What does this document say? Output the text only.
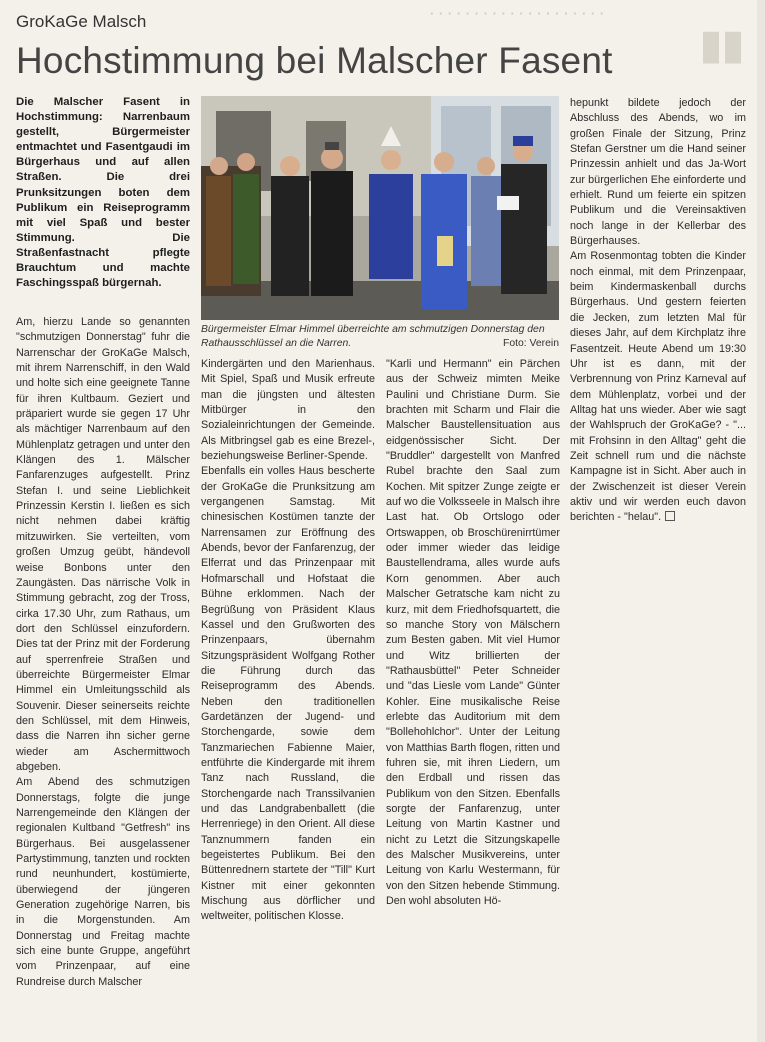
· · · · · · · · · · · · · · · · · · · ·
▮▮
GroKaGe Malsch
Hochstimmung bei Malscher Fasent

Die Malscher Fasent in Hochstimmung: Narrenbaum gestellt, Bürgermeister entmachtet und Fasentgaudi im Bürgerhaus und auf allen Straßen. Die drei Prunksitzungen boten dem Publikum ein Reiseprogramm mit viel Spaß und bester Stimmung. Die Straßenfastnacht pflegte Brauchtum und machte Faschingsspaß bürgernah.

Bürgermeister Elmar Himmel überreichte am schmutzigen Donnerstag den Rathausschlüssel an die Narren.	Foto: Verein

Am, hierzu Lande so genannten "schmutzigen Donnerstag" fuhr die Narrenschar der GroKaGe Malsch, mit ihrem Narrenschiff, in den Wald und holte sich eine geeignete Tanne für ihren Kultbaum. Geziert und präpariert wurde sie gegen 17 Uhr als mächtiger Narrenbaum auf den Mühlenplatz getragen und unter den Klängen des 1. Mälscher Fanfarenzuges aufgestellt. Prinz Stefan I. und seine Lieblichkeit Prinzessin Kerstin I. ließen es sich nicht nehmen dabei kräftig mitzuwirken. Sie verteilten, vom großen Umzug geübt, händevoll weise Bonbons unter den Zaungästen. Das närrische Volk in Stimmung gebracht, zog der Tross, cirka 17.30 Uhr, zum Rathaus, um dort den Schlüssel einzufordern. Dies tat der Prinz mit der Forderung auf sperrenfreie Straßen und überreichte Bürgermeister Elmar Himmel ein Umleitungsschild als Souvenir. Dieser seinerseits reichte den Schlüssel, mit dem Hinweis, dass die Narren ihn sicher gerne wieder am Aschermittwoch abgeben.

Am Abend des schmutzigen Donnerstags, folgte die junge Narrengemeinde den Klängen der regionalen Kultband "Getfresh" ins Bürgerhaus. Bei ausgelassener Partystimmung, tanzten und rockten rund neunhundert, kostümierte, überwiegend der jüngeren Generation zugehörige Narren, bis in die Morgenstunden. Am Donnerstag und Freitag machte sich eine bunte Gruppe, angeführt vom Prinzenpaar, auf eine Rundreise durch Malscher

Kindergärten und den Marienhaus. Mit Spiel, Spaß und Musik erfreute man die jüngsten und ältesten Mitbürger in den Sozialeinrichtungen der Gemeinde. Als Mitbringsel gab es eine Brezel-, beziehungsweise Berliner-Spende.

Ebenfalls ein volles Haus bescherte der GroKaGe die Prunksitzung am vergangenen Samstag. Mit chinesischen Kostümen tanzte der Narrensamen zur Eröffnung des Abends, bevor der Fanfarenzug, der Elferrat und das Prinzenpaar mit Hofmarschall und Hofstaat die Bühne erklommen. Nach der Begrüßung von Präsident Klaus Kassel und den Grußworten des Prinzenpaars, übernahm Sitzungspräsident Wolfgang Rother die Führung durch das Reiseprogramm des Abends. Neben den traditionellen Gardetänzen der Jugend- und Storchengarde, sowie dem Tanzmariechen Fabienne Maier, entführte die Kindergarde mit ihrem Tanz nach Russland, die Storchengarde nach Transsilvanien und das Landgrabenballett (die Herrenriege) in den Orient. All diese Tanznummern fanden ein begeistertes Publikum. Bei den Büttenrednern startete der "Till" Kurt Kistner mit einer gekonnten Mischung aus dörflicher und weltweiter, politischen Klosse.

"Karli und Hermann" ein Pärchen aus der Schweiz mimten Meike Paulini und Christiane Durm. Sie brachten mit Scharm und Flair die Malscher Baustellensituation aus eidgenössischer Sicht. Der "Bruddler" dargestellt von Manfred Rubel brachte den Saal zum Kochen. Mit spitzer Zunge zeigte er auf wo die Volksseele in Malsch ihre Last hat. Ob Ortslogo oder Ortswappen, ob Broschürenirrtümer oder immer wieder das leidige Baustellendrama, alles wurde aufs Korn genommen. Aber auch Malscher Getratsche kam nicht zu kurz, mit dem Friedhofsquartett, die so manche Story von Mälschern zum Besten gaben. Mit viel Humor und Witz brillierten der "Rathausbüttel" Peter Schneider und "das Liesle vom Lande" Günter Kohler. Eine musikalische Reise erlebte das Auditorium mit dem "Bollehohlchor". Unter der Leitung von Matthias Barth flogen, ritten und fuhren sie, mit ihren Liedern, um den Erdball und rissen das Publikum von den Sitzen. Ebenfalls sorgte der Fanfarenzug, unter Leitung von Martin Kastner und nicht zu Letzt die Sitzungskapelle des Malscher Musikvereins, unter Leitung von Karlu Westermann, für von den Sitzen hebende Stimmung. Den wohl absoluten Hö-

hepunkt bildete jedoch der Abschluss des Abends, wo im großen Finale der Sitzung, Prinz Stefan Gerstner um die Hand seiner Prinzessin anhielt und das Ja-Wort zur bürgerlichen Ehe einforderte und erhielt. Rund um feierte ein spitzen Publikum und die Vereinsaktiven noch lange in der Kellerbar des Bürgerhauses.

Am Rosenmontag tobten die Kinder noch einmal, mit dem Prinzenpaar, beim Kindermaskenball durchs Bürgerhaus. Und gestern feierten die Jecken, zum letzten Mal für dieses Jahr, auf dem Kirchplatz ihre Fasentzeit. Heute Abend um 19:30 Uhr ist es dann, mit der Verbrennung von Prinz Karneval auf dem Mühlenplatz, vorbei und der Alltag hat uns wieder. Aber wie sagt der Wahlspruch der GroKaGe? - "... mit Frohsinn in den Alltag" geht die Zeit schnell rum und die nächste Kampagne ist in Sicht. Aber auch in der Zwischenzeit ist dieser Verein aktiv und wir werden euch davon berichten - "helau".
